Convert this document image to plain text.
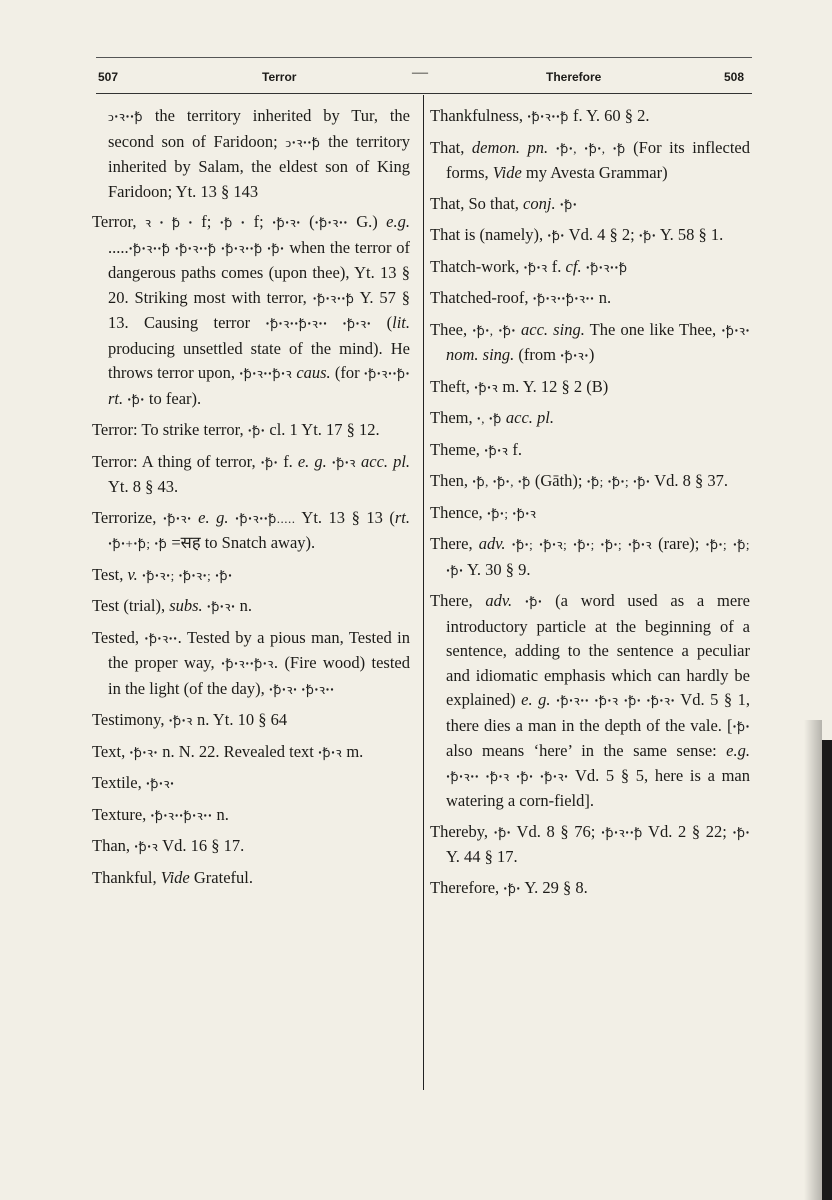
507	Terror	—	Therefore	508

ↄꞏꝛꞏꞏꝥ the territory inherited by Tur, the second son of Faridoon; ↄꞏꝛꞏꞏꝥ the territory inherited by Salam, the eldest son of King Faridoon; Yt. 13 § 143

Terror, ꝛ ꞏ ꝥ ꞏ f; ꞏꝥ ꞏ f; ꞏꝥꞏꝛꞏ (ꞏꝥꞏꝛꞏꞏ G.) e.g. .....ꞏꝥꞏꝛꞏꞏꝥ ꞏꝥꞏꝛꞏꞏꝥ ꞏꝥꞏꝛꞏꞏꝥ ꞏꝥꞏ when the terror of dangerous paths comes (upon thee), Yt. 13 § 20. Striking most with terror, ꞏꝥꞏꝛꞏꞏꝥ Y. 57 § 13. Causing terror ꞏꝥꞏꝛꞏꞏꝥꞏꝛꞏꞏ ꞏꝥꞏꝛꞏ (lit. producing unsettled state of the mind). He throws terror upon, ꞏꝥꞏꝛꞏꞏꝥꞏꝛ caus. (for ꞏꝥꞏꝛꞏꞏꝥꞏ rt. ꞏꝥꞏ to fear).

Terror: To strike terror, ꞏꝥꞏ cl. 1 Yt. 17 § 12.

Terror: A thing of terror, ꞏꝥꞏ f. e. g. ꞏꝥꞏꝛ acc. pl. Yt. 8 § 43.

Terrorize, ꞏꝥꞏꝛꞏ e. g. ꞏꝥꞏꝛꞏꞏꝥ..... Yt. 13 § 13 (rt. ꞏꝥꞏ+ꞏꝥ; ꞏꝥ =सह to Snatch away).

Test, v. ꞏꝥꞏꝛꞏ; ꞏꝥꞏꝛꞏ; ꞏꝥꞏ

Test (trial), subs. ꞏꝥꞏꝛꞏ n.

Tested, ꞏꝥꞏꝛꞏꞏ. Tested by a pious man, Tested in the proper way, ꞏꝥꞏꝛꞏꞏꝥꞏꝛ. (Fire wood) tested in the light (of the day), ꞏꝥꞏꝛꞏ ꞏꝥꞏꝛꞏꞏ

Testimony, ꞏꝥꞏꝛ n. Yt. 10 § 64

Text, ꞏꝥꞏꝛꞏ n. N. 22. Revealed text ꞏꝥꞏꝛ m.

Textile, ꞏꝥꞏꝛꞏ

Texture, ꞏꝥꞏꝛꞏꞏꝥꞏꝛꞏꞏ n.

Than, ꞏꝥꞏꝛ Vd. 16 § 17.

Thankful, Vide Grateful.

Thankfulness, ꞏꝥꞏꝛꞏꞏꝥ f. Y. 60 § 2.

That, demon. pn. ꞏꝥꞏ, ꞏꝥꞏ, ꞏꝥ (For its inflected forms, Vide my Avesta Grammar)

That, So that, conj. ꞏꝥꞏ

That is (namely), ꞏꝥꞏ Vd. 4 § 2; ꞏꝥꞏ Y. 58 § 1.

Thatch-work, ꞏꝥꞏꝛ f. cf. ꞏꝥꞏꝛꞏꞏꝥ

Thatched-roof, ꞏꝥꞏꝛꞏꞏꝥꞏꝛꞏꞏ n.

Thee, ꞏꝥꞏ, ꞏꝥꞏ acc. sing. The one like Thee, ꞏꝥꞏꝛꞏ nom. sing. (from ꞏꝥꞏꝛꞏ)

Theft, ꞏꝥꞏꝛ m. Y. 12 § 2 (B)

Them, ꞏ, ꞏꝥ acc. pl.

Theme, ꞏꝥꞏꝛ f.

Then, ꞏꝥ, ꞏꝥꞏ, ꞏꝥ (Gāth); ꞏꝥ; ꞏꝥꞏ; ꞏꝥꞏ Vd. 8 § 37.

Thence, ꞏꝥꞏ; ꞏꝥꞏꝛ

There, adv. ꞏꝥꞏ; ꞏꝥꞏꝛ; ꞏꝥꞏ; ꞏꝥꞏ; ꞏꝥꞏꝛ (rare); ꞏꝥꞏ; ꞏꝥ; ꞏꝥꞏ Y. 30 § 9.

There, adv. ꞏꝥꞏ (a word used as a mere introductory particle at the beginning of a sentence, adding to the sentence a peculiar and idiomatic emphasis which can hardly be explained) e. g. ꞏꝥꞏꝛꞏꞏ ꞏꝥꞏꝛ ꞏꝥꞏ ꞏꝥꞏꝛꞏ Vd. 5 § 1, there dies a man in the depth of the vale. [ꞏꝥꞏ also means ‘here’ in the same sense: e.g. ꞏꝥꞏꝛꞏꞏ ꞏꝥꞏꝛ ꞏꝥꞏ ꞏꝥꞏꝛꞏ Vd. 5 § 5, here is a man watering a corn-field].

Thereby, ꞏꝥꞏ Vd. 8 § 76; ꞏꝥꞏꝛꞏꞏꝥ Vd. 2 § 22; ꞏꝥꞏ Y. 44 § 17.

Therefore, ꞏꝥꞏ Y. 29 § 8.
